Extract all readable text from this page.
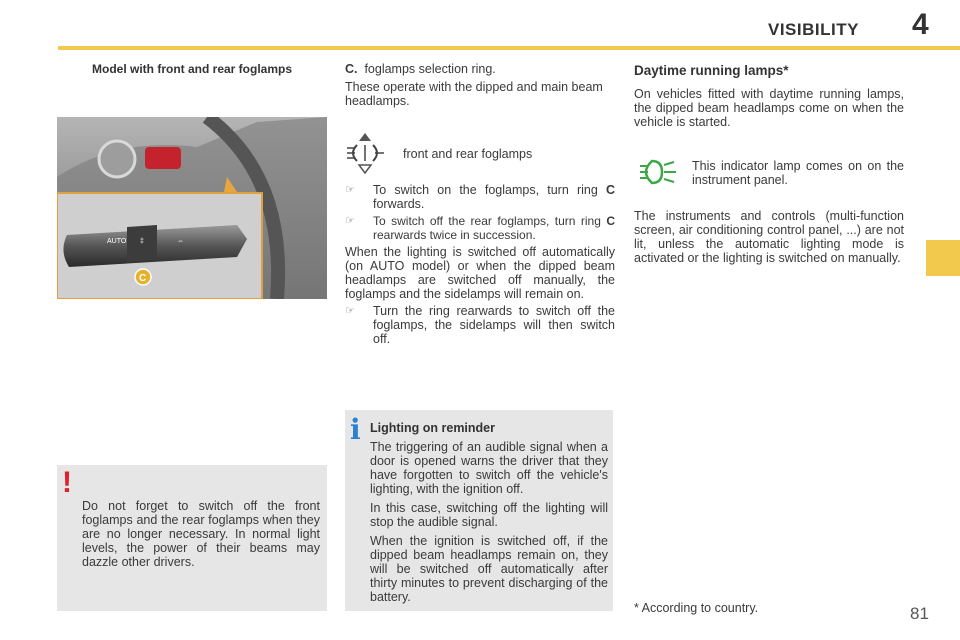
VISIBILITY 4
Model with front and rear foglamps
AUTO ‡	⇔
C
!
Do not forget to switch off the front foglamps and the rear foglamps when they are no longer necessary. In normal light levels, the power of their beams may dazzle other drivers.
C. foglamps selection ring.
These operate with the dipped and main beam headlamps.
front and rear foglamps
☞	To switch on the foglamps, turn ring C forwards.
☞	To switch off the rear foglamps, turn ring C rearwards twice in succession.
When the lighting is switched off automatically (on AUTO model) or when the dipped beam headlamps are switched off manually, the foglamps and the sidelamps will remain on.
☞	Turn the ring rearwards to switch off the foglamps, the sidelamps will then switch off.
i Lighting on reminder

The triggering of an audible signal when a door is opened warns the driver that they have forgotten to switch off the vehicle's lighting, with the ignition off.

In this case, switching off the lighting will stop the audible signal.

When the ignition is switched off, if the dipped beam headlamps remain on, they will be switched off automatically after thirty minutes to prevent discharging of the battery.

Daytime running lamps*
On vehicles fitted with daytime running lamps, the dipped beam headlamps come on when the vehicle is started.
This indicator lamp comes on on the instrument panel.
The instruments and controls (multi-function screen, air conditioning control panel, ...) are not lit, unless the automatic lighting mode is activated or the lighting is switched on manually.
* According to country.	81
